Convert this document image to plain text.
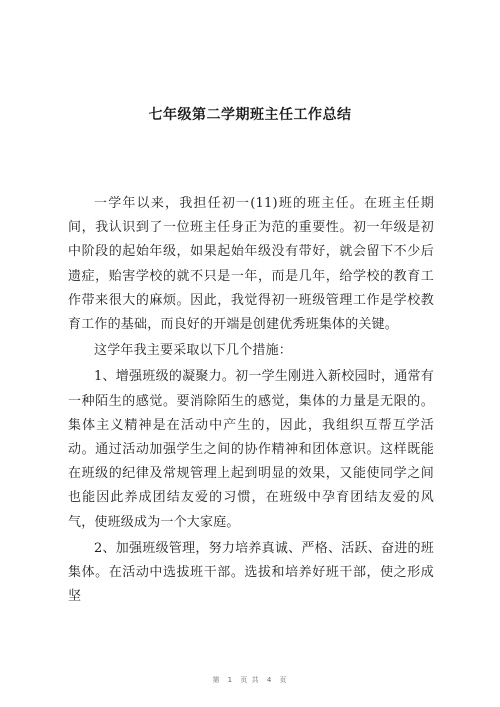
七年级第二学期班主任工作总结

一学年以来，我担任初一(11)班的班主任。在班主任期间，我认识到了一位班主任身正为范的重要性。初一年级是初中阶段的起始年级，如果起始年级没有带好，就会留下不少后遗症，贻害学校的就不只是一年，而是几年，给学校的教育工作带来很大的麻烦。因此，我觉得初一班级管理工作是学校教育工作的基础，而良好的开端是创建优秀班集体的关键。

这学年我主要采取以下几个措施：

1、增强班级的凝聚力。初一学生刚进入新校园时，通常有一种陌生的感觉。要消除陌生的感觉，集体的力量是无限的。集体主义精神是在活动中产生的，因此，我组织互帮互学活动。通过活动加强学生之间的协作精神和团体意识。这样既能在班级的纪律及常规管理上起到明显的效果，又能使同学之间也能因此养成团结友爱的习惯，在班级中孕育团结友爱的风气，使班级成为一个大家庭。

2、加强班级管理，努力培养真诚、严格、活跃、奋进的班集体。在活动中选拔班干部。选拔和培养好班干部，使之形成坚

第 1 页 共 4 页
